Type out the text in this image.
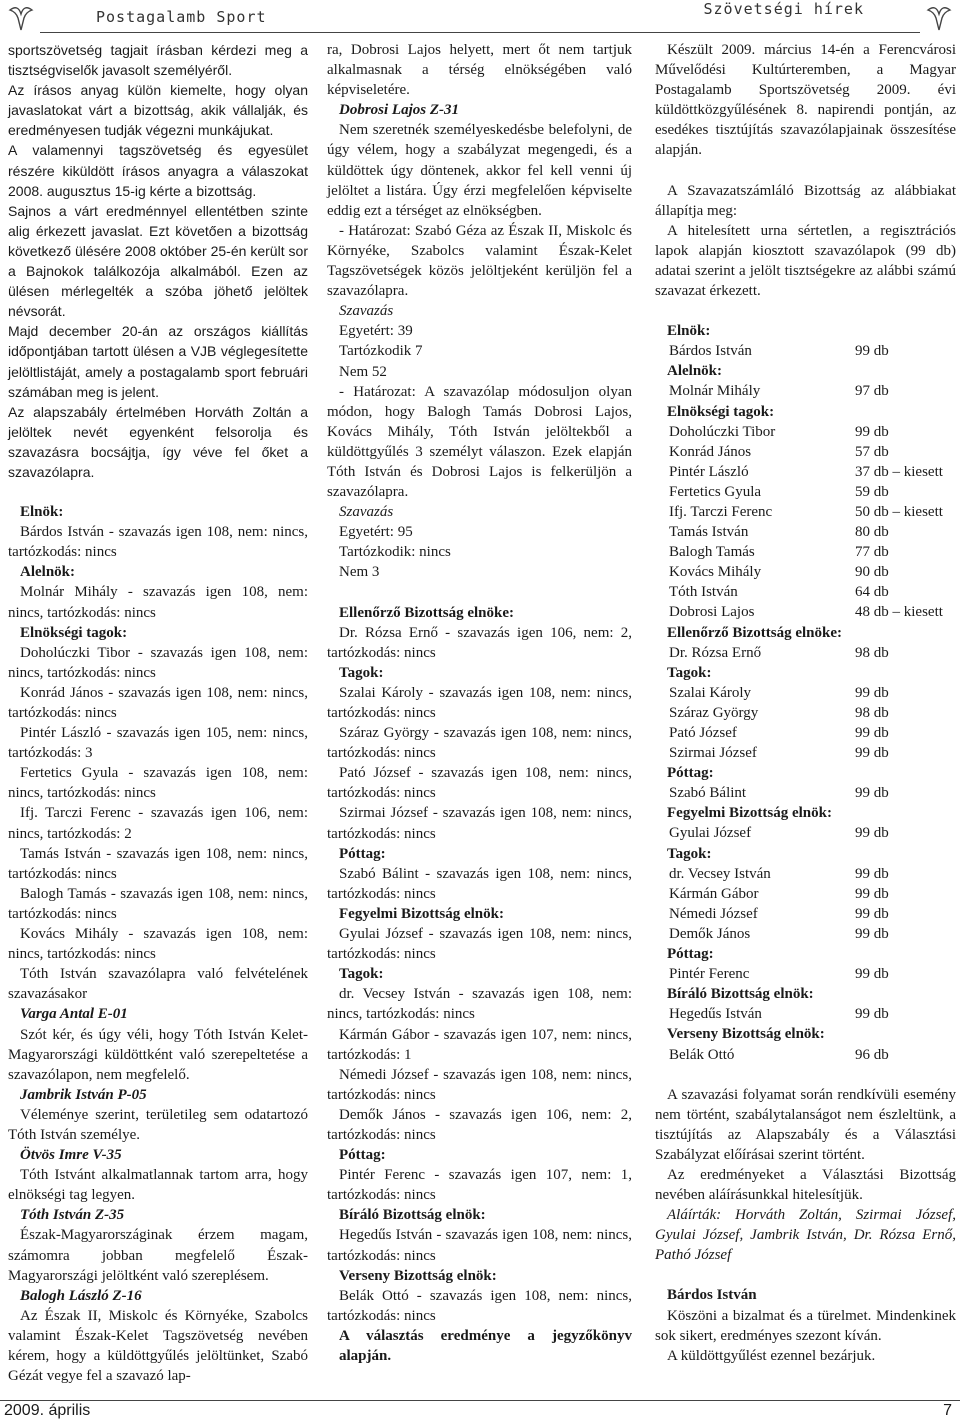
Postagalamb Sport	Szövetségi hírek

sportszövetség tagjait írásban kérdezi meg a tisztségviselők javasolt személyéről.

Az írásos anyag külön kiemelte, hogy olyan javaslatokat várt a bizottság, akik vállalják, és eredményesen tudják végezni munkájukat.

A valamennyi tagszövetség és egyesület részére kiküldött írásos anyagra a válaszokat 2008. augusztus 15-ig kérte a bizottság.

Sajnos a várt eredménnyel ellentétben szinte alig érkezett javaslat. Ezt követően a bizottság következő ülésére 2008 október 25-én került sor a Bajnokok találkozója alkalmából. Ezen az ülésen mérlegelték a szóba jöhető jelöltek névsorát.

Majd december 20-án az országos kiállítás időpontjában tartott ülésen a VJB véglegesítette jelöltlistáját, amely a postagalamb sport februári számában meg is jelent.

Az alapszabály értelmében Horváth Zoltán a jelöltek nevét egyenként felsorolja és szavazásra bocsájtja, így véve fel őket a szavazólapra.

Elnök:

Bárdos István - szavazás igen 108, nem: nincs, tartózkodás: nincs

Alelnök:

Molnár Mihály - szavazás igen 108, nem: nincs, tartózkodás: nincs

Elnökségi tagok:

Doholúczki Tibor - szavazás igen 108, nem: nincs, tartózkodás: nincs

Konrád János - szavazás igen 108, nem: nincs, tartózkodás: nincs

Pintér László - szavazás igen 105, nem: nincs, tartózkodás: 3

Fertetics Gyula - szavazás igen 108, nem: nincs, tartózkodás: nincs

Ifj. Tarczi Ferenc - szavazás igen 106, nem: nincs, tartózkodás: 2

Tamás István - szavazás igen 108, nem: nincs, tartózkodás: nincs

Balogh Tamás - szavazás igen 108, nem: nincs, tartózkodás: nincs

Kovács Mihály - szavazás igen 108, nem: nincs, tartózkodás: nincs

Tóth István szavazólapra való felvételének szavazásakor

Varga Antal E-01

Szót kér, és úgy véli, hogy Tóth István Kelet-Magyarországi küldöttként való szerepeltetése a szavazólapon, nem megfelelő.

Jambrik István P-05

Véleménye szerint, területileg sem odatartozó Tóth István személye.

Ötvös Imre V-35

Tóth Istvánt alkalmatlannak tartom arra, hogy elnökségi tag legyen.

Tóth István Z-35

Észak-Magyarországinak érzem magam, számomra jobban megfelelő Észak-Magyarországi jelöltként való szereplésem.

Balogh László Z-16

Az Észak II, Miskolc és Környéke, Szabolcs valamint Észak-Kelet Tagszövetség nevében kérem, hogy a küldöttgyűlés jelöltünket, Szabó Gézát vegye fel a szavazó lap-

ra, Dobrosi Lajos helyett, mert őt nem tartjuk alkalmasnak a térség elnökségében való képviseletére.

Dobrosi Lajos Z-31

Nem szeretnék személyeskedésbe belefolyni, de úgy vélem, hogy a szabályzat megengedi, és a küldöttek úgy döntenek, akkor fel kell venni új jelöltet a listára. Úgy érzi megfelelően képviselte eddig ezt a térséget az elnökségben.

- Határozat: Szabó Géza az Észak II, Miskolc és Környéke, Szabolcs valamint Észak-Kelet Tagszövetségek közös jelöltjeként kerüljön fel a szavazólapra.

Szavazás

Egyetért: 39

Tartózkodik 7

Nem 52

- Határozat: A szavazólap módosuljon olyan módon, hogy Balogh Tamás Dobrosi Lajos, Kovács Mihály, Tóth István jelöltekből a küldöttgyűlés 3 személyt válaszon. Ezek elapján Tóth István és Dobrosi Lajos is felkerüljön a szavazólapra.

Szavazás

Egyetért: 95

Tartózkodik: nincs

Nem 3

Ellenőrző Bizottság elnöke:

Dr. Rózsa Ernő - szavazás igen 106, nem: 2, tartózkodás: nincs

Tagok:

Szalai Károly - szavazás igen 108, nem: nincs, tartózkodás: nincs

Száraz György - szavazás igen 108, nem: nincs, tartózkodás: nincs

Pató József - szavazás igen 108, nem: nincs, tartózkodás: nincs

Szirmai József - szavazás igen 108, nem: nincs, tartózkodás: nincs

Póttag:

Szabó Bálint - szavazás igen 108, nem: nincs, tartózkodás: nincs

Fegyelmi Bizottság elnök:

Gyulai József - szavazás igen 108, nem: nincs, tartózkodás: nincs

Tagok:

dr. Vecsey István - szavazás igen 108, nem: nincs, tartózkodás: nincs

Kármán Gábor - szavazás igen 107, nem: nincs, tartózkodás: 1

Némedi József - szavazás igen 108, nem: nincs, tartózkodás: nincs

Demők János - szavazás igen 106, nem: 2, tartózkodás: nincs

Póttag:

Pintér Ferenc - szavazás igen 107, nem: 1, tartózkodás: nincs

Bíráló Bizottság elnök:

Hegedűs István - szavazás igen 108, nem: nincs, tartózkodás: nincs

Verseny Bizottság elnök:

Belák Ottó - szavazás igen 108, nem: nincs, tartózkodás: nincs

A választás eredménye a jegyzőkönyv alapján.

Készült 2009. március 14-én a Ferencvárosi Művelődési Kultúrteremben, a Magyar Postagalamb Sportszövetség 2009. évi küldöttközgyűlésének 8. napirendi pontján, az esedékes tisztújítás szavazólapjainak összesítése alapján.

A Szavazatszámláló Bizottság az alábbiakat állapítja meg:

A hitelesített urna sértetlen, a regisztrációs lapok alapján kiosztott szavazólapok (99 db) adatai szerint a jelölt tisztségekre az alábbi számú szavazat érkezett.

Elnök:

Bárdos István	99 db

Alelnök:

Molnár Mihály	97 db

Elnökségi tagok:

Doholúczki Tibor	99 db
Konrád János	57 db
Pintér László	37 db – kiesett
Fertetics Gyula	59 db
Ifj. Tarczi Ferenc	50 db – kiesett
Tamás István	80 db
Balogh Tamás	77 db
Kovács Mihály	90 db
Tóth István	64 db
Dobrosi Lajos	48 db – kiesett

Ellenőrző Bizottság elnöke:

Dr. Rózsa Ernő	98 db

Tagok:

Szalai Károly	99 db
Száraz György	98 db
Pató József	99 db
Szirmai József	99 db

Póttag:

Szabó Bálint	99 db

Fegyelmi Bizottság elnök:

Gyulai József	99 db

Tagok:

dr. Vecsey István	99 db
Kármán Gábor	99 db
Némedi József	99 db
Demők János	99 db

Póttag:

Pintér Ferenc	99 db

Bíráló Bizottság elnök:

Hegedűs István	99 db

Verseny Bizottság elnök:

Belák Ottó	96 db

A szavazási folyamat során rendkívüli esemény nem történt, szabálytalanságot nem észleltünk, a tisztújítás az Alapszabály és a Választási Szabályzat előírásai szerint történt.

Az eredményeket a Választási Bizottság nevében aláírásunkkal hitelesítjük.

Aláírták: Horváth Zoltán, Szirmai József, Gyulai József, Jambrik István, Dr. Rózsa Ernő, Pathó József

Bárdos István

Köszöni a bizalmat és a türelmet. Mindenkinek sok sikert, eredményes szezont kíván.

A küldöttgyűlést ezennel bezárjuk.

2009. április	7
